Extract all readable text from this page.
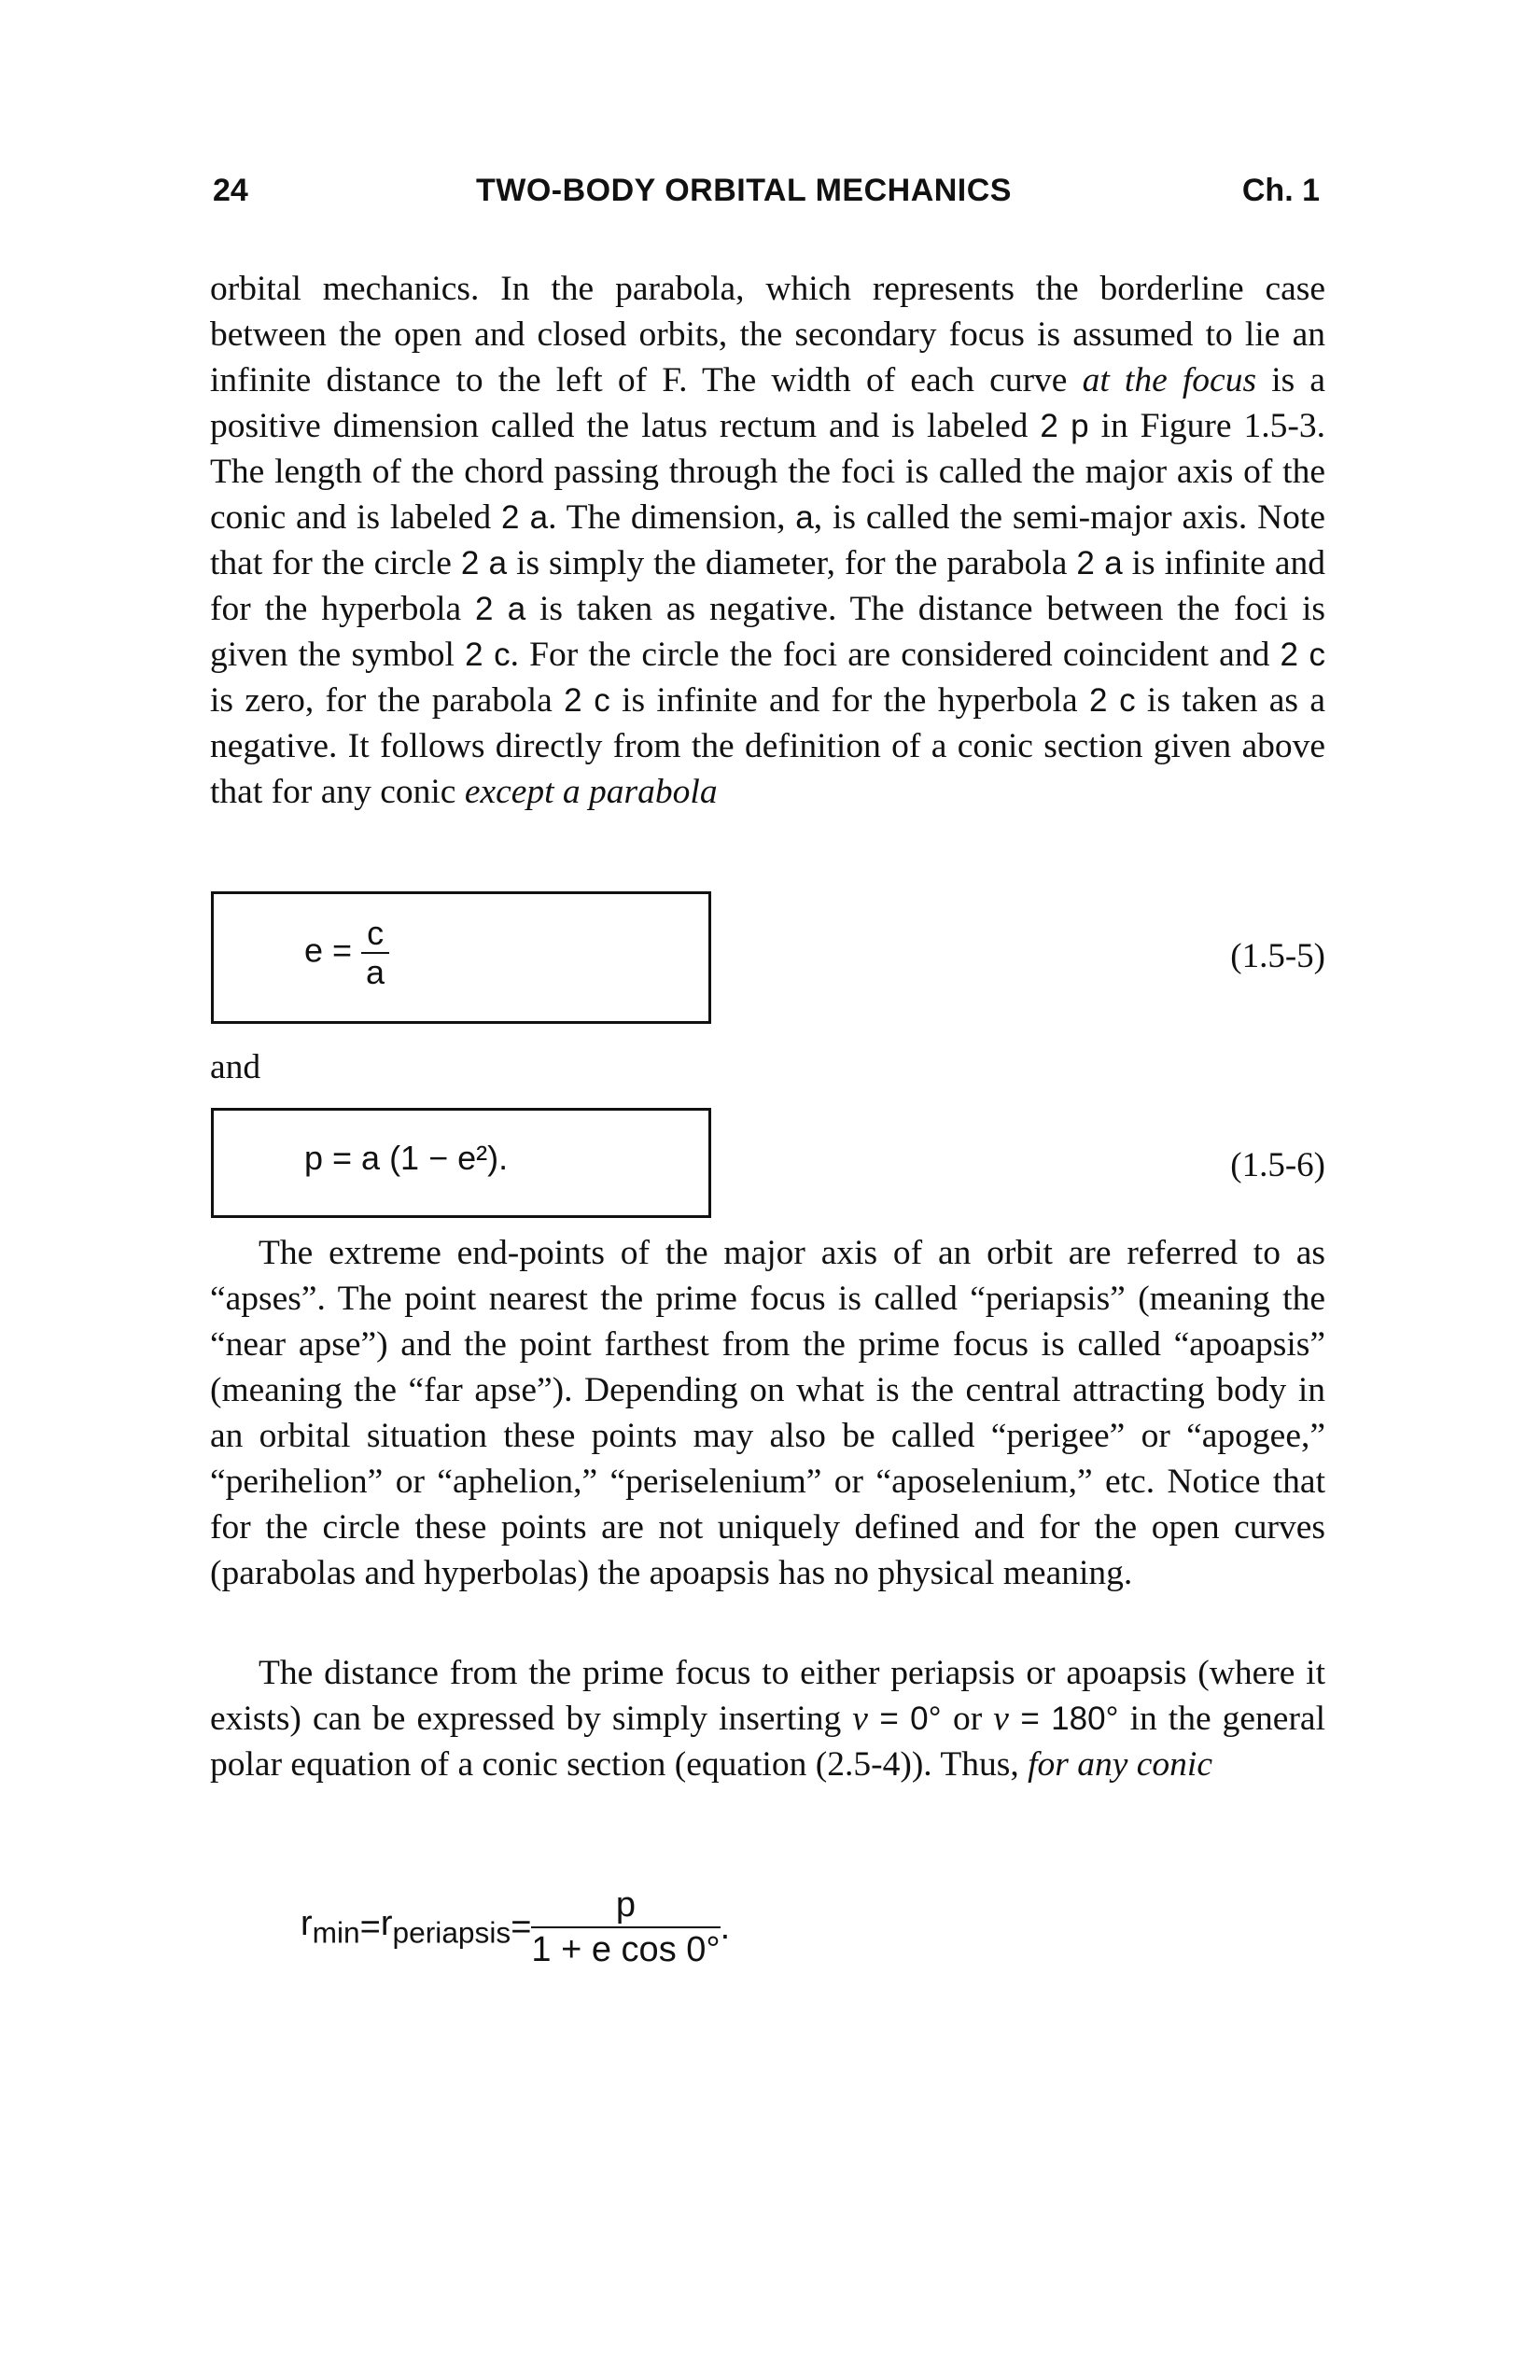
24	TWO-BODY ORBITAL MECHANICS	Ch. 1

orbital mechanics. In the parabola, which represents the borderline case between the open and closed orbits, the secondary focus is assumed to lie an infinite distance to the left of F. The width of each curve at the focus is a positive dimension called the latus rectum and is labeled 2 p in Figure 1.5-3. The length of the chord passing through the foci is called the major axis of the conic and is labeled 2 a. The dimension, a, is called the semi-major axis. Note that for the circle 2 a is simply the diameter, for the parabola 2 a is infinite and for the hyperbola 2 a is taken as negative. The distance between the foci is given the symbol 2 c. For the circle the foci are considered coincident and 2 c is zero, for the parabola 2 c is infinite and for the hyperbola 2 c is taken as a negative. It follows directly from the definition of a conic section given above that for any conic except a parabola

$e = \frac{c}{a}$	(1.5-5)
and
p = a (1 − e²).	(1.5-6)

The extreme end-points of the major axis of an orbit are referred to as “apses”. The point nearest the prime focus is called “periapsis” (meaning the “near apse”) and the point farthest from the prime focus is called “apoapsis” (meaning the “far apse”). Depending on what is the central attracting body in an orbital situation these points may also be called “perigee” or “apogee,” “perihelion” or “aphelion,” “periselenium” or “aposelenium,” etc. Notice that for the circle these points are not uniquely defined and for the open curves (parabolas and hyperbolas) the apoapsis has no physical meaning.

The distance from the prime focus to either periapsis or apoapsis (where it exists) can be expressed by simply inserting ν = 0° or ν = 180° in the general polar equation of a conic section (equation (2.5-4)). Thus, for any conic

$r_{min}=r_{periapsis}= \frac{p}{\text{1 + e cos 0°}}$ .
